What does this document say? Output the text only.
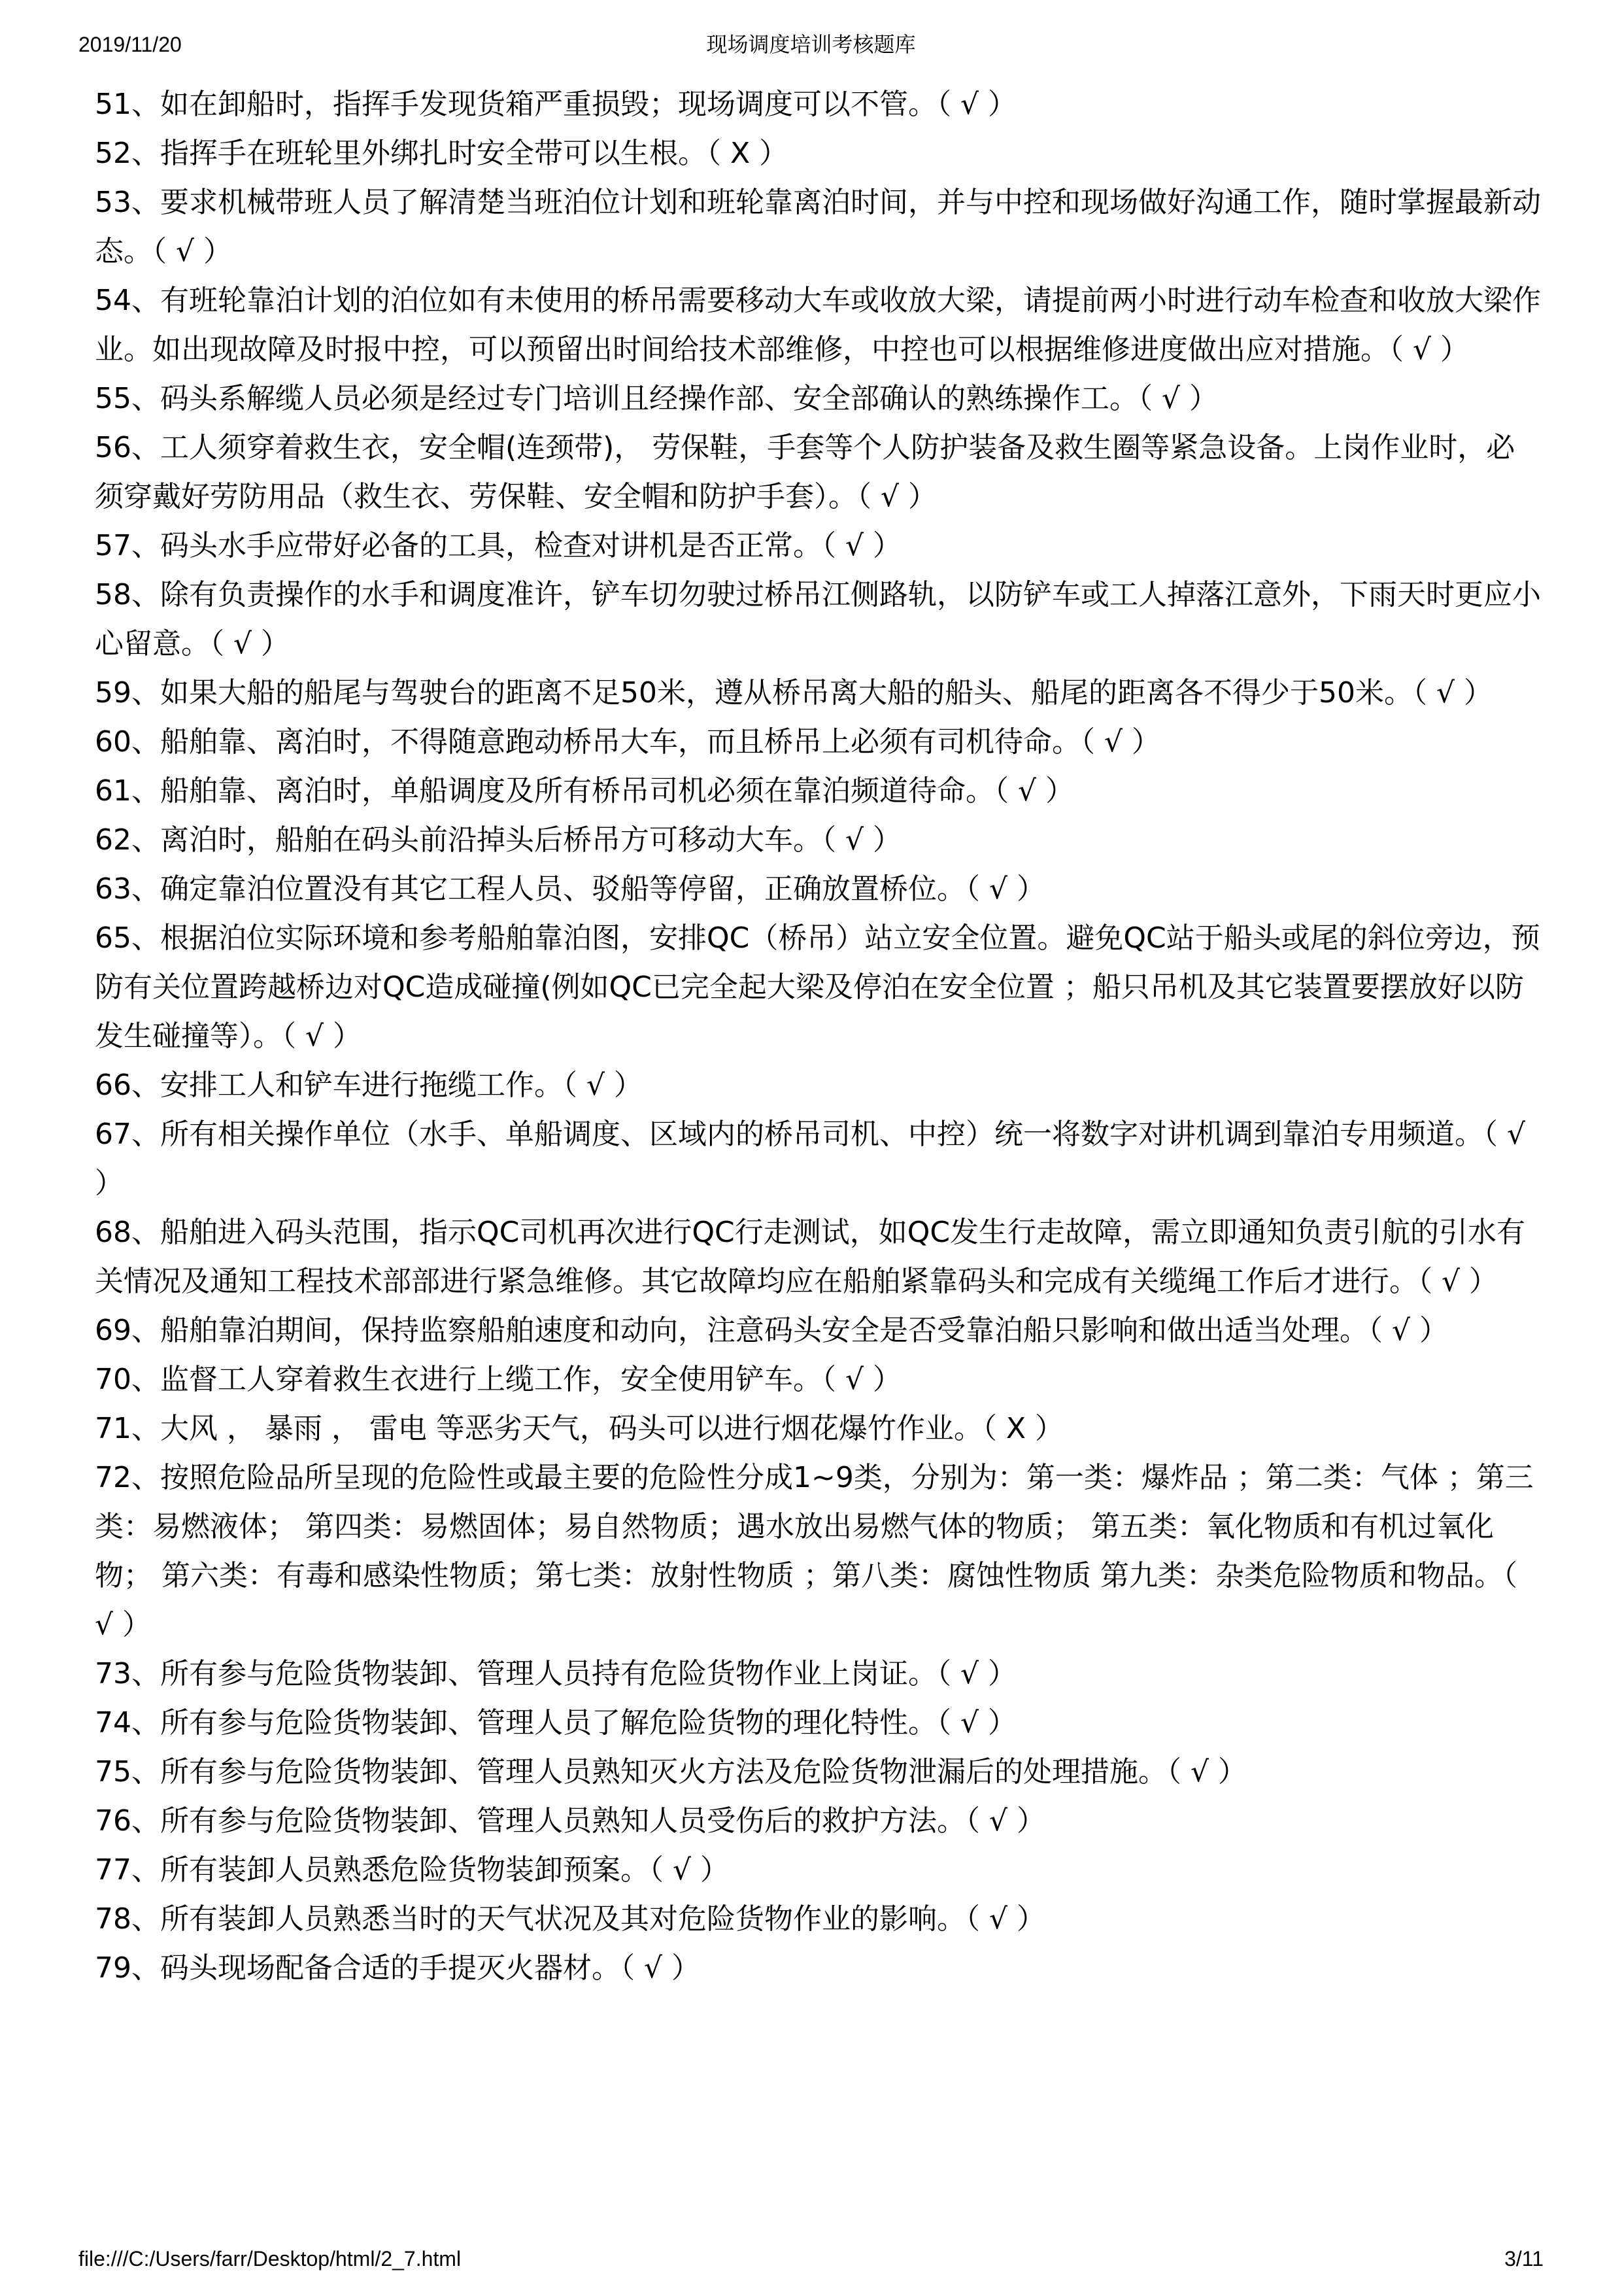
2019/11/20	现场调度培训考核题库
51、如在卸船时，指挥手发现货箱严重损毁；现场调度可以不管。（ √ ）
52、指挥手在班轮里外绑扎时安全带可以生根。（ X ）
53、要求机械带班人员了解清楚当班泊位计划和班轮靠离泊时间，并与中控和现场做好沟通工作，随时掌握最新动态。（ √ ）
54、有班轮靠泊计划的泊位如有未使用的桥吊需要移动大车或收放大梁，请提前两小时进行动车检查和收放大梁作业。如出现故障及时报中控，可以预留出时间给技术部维修，中控也可以根据维修进度做出应对措施。（ √ ）
55、码头系解缆人员必须是经过专门培训且经操作部、安全部确认的熟练操作工。（ √ ）
56、工人须穿着救生衣，安全帽(连颈带)， 劳保鞋，手套等个人防护装备及救生圈等紧急设备。上岗作业时，必须穿戴好劳防用品（救生衣、劳保鞋、安全帽和防护手套）。（ √ ）
57、码头水手应带好必备的工具，检查对讲机是否正常。（ √ ）
58、除有负责操作的水手和调度准许，铲车切勿驶过桥吊江侧路轨，以防铲车或工人掉落江意外，下雨天时更应小心留意。（ √ ）
59、如果大船的船尾与驾驶台的距离不足50米，遵从桥吊离大船的船头、船尾的距离各不得少于50米。（ √ ）
60、船舶靠、离泊时，不得随意跑动桥吊大车，而且桥吊上必须有司机待命。（ √ ）
61、船舶靠、离泊时，单船调度及所有桥吊司机必须在靠泊频道待命。（ √ ）
62、离泊时，船舶在码头前沿掉头后桥吊方可移动大车。（ √ ）
63、确定靠泊位置没有其它工程人员、驳船等停留，正确放置桥位。（ √ ）
65、根据泊位实际环境和参考船舶靠泊图，安排QC（桥吊）站立安全位置。避免QC站于船头或尾的斜位旁边，预防有关位置跨越桥边对QC造成碰撞(例如QC已完全起大梁及停泊在安全位置 ；船只吊机及其它装置要摆放好以防发生碰撞等）。（ √ ）
66、安排工人和铲车进行拖缆工作。（ √ ）
67、所有相关操作单位（水手、单船调度、区域内的桥吊司机、中控）统一将数字对讲机调到靠泊专用频道。（ √ ）
68、船舶进入码头范围，指示QC司机再次进行QC行走测试，如QC发生行走故障，需立即通知负责引航的引水有关情况及通知工程技术部部进行紧急维修。其它故障均应在船舶紧靠码头和完成有关缆绳工作后才进行。（ √ ）
69、船舶靠泊期间，保持监察船舶速度和动向，注意码头安全是否受靠泊船只影响和做出适当处理。（ √ ）
70、监督工人穿着救生衣进行上缆工作，安全使用铲车。（ √ ）
71、大风 ， 暴雨 ， 雷电 等恶劣天气，码头可以进行烟花爆竹作业。（ X ）
72、按照危险品所呈现的危险性或最主要的危险性分成1~9类，分别为：第一类：爆炸品 ；第二类：气体 ；第三类：易燃液体； 第四类：易燃固体；易自然物质；遇水放出易燃气体的物质； 第五类：氧化物质和有机过氧化物； 第六类：有毒和感染性物质；第七类：放射性物质 ；第八类：腐蚀性物质 第九类：杂类危险物质和物品。（ √ ）
73、所有参与危险货物装卸、管理人员持有危险货物作业上岗证。（ √ ）
74、所有参与危险货物装卸、管理人员了解危险货物的理化特性。（ √ ）
75、所有参与危险货物装卸、管理人员熟知灭火方法及危险货物泄漏后的处理措施。（ √ ）
76、所有参与危险货物装卸、管理人员熟知人员受伤后的救护方法。（ √ ）
77、所有装卸人员熟悉危险货物装卸预案。（ √ ）
78、所有装卸人员熟悉当时的天气状况及其对危险货物作业的影响。（ √ ）
79、码头现场配备合适的手提灭火器材。（ √ ）
file:///C:/Users/farr/Desktop/html/2_7.html	3/11
